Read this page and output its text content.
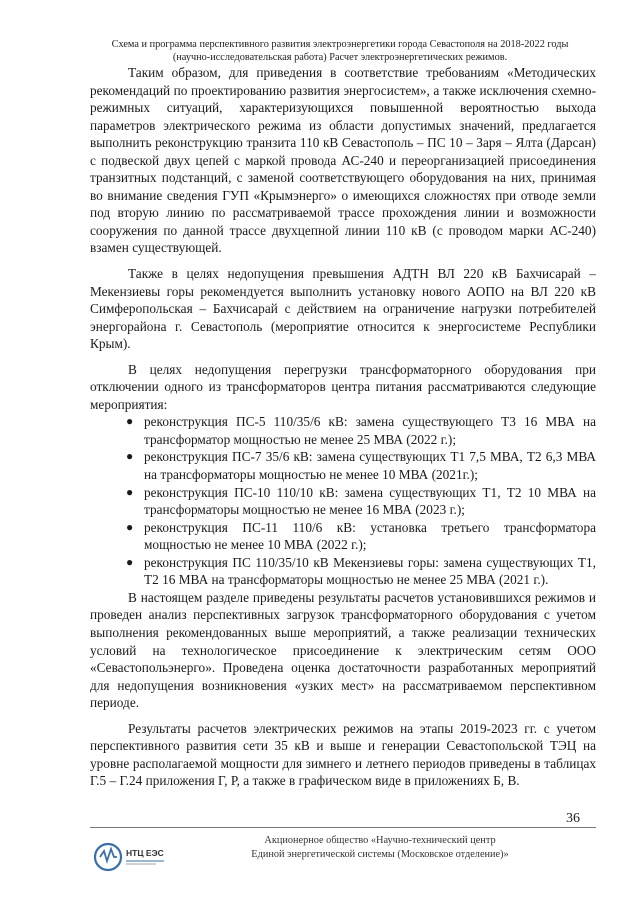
Схема и программа перспективного развития электроэнергетики города Севастополя на 2018-2022 годы
(научно-исследовательская работа) Расчет электроэнергетических режимов.

Таким образом, для приведения в соответствие требованиям «Методических рекомендаций по проектированию развития энергосистем», а также исключения схемно-режимных ситуаций, характеризующихся повышенной вероятностью выхода параметров электрического режима из области допустимых значений, предлагается выполнить реконструкцию транзита 110 кВ Севастополь – ПС 10 – Заря – Ялта (Дарсан) с подвеской двух цепей с маркой провода АС-240 и переорганизацией присоединения транзитных подстанций, с заменой соответствующего оборудования на них, принимая во внимание сведения ГУП «Крымэнерго» о имеющихся сложностях при отводе земли под вторую линию по рассматриваемой трассе прохождения линии и возможности сооружения по данной трассе двухцепной линии 110 кВ (с проводом марки АС-240) взамен существующей.

Также в целях недопущения превышения АДТН ВЛ 220 кВ Бахчисарай – Мекензиевы горы рекомендуется выполнить установку нового АОПО на ВЛ 220 кВ Симферопольская – Бахчисарай с действием на ограничение нагрузки потребителей энергорайона г. Севастополь (мероприятие относится к энергосистеме Республики Крым).

В целях недопущения перегрузки трансформаторного оборудования при отключении одного из трансформаторов центра питания рассматриваются следующие мероприятия:

● реконструкция ПС-5 110/35/6 кВ: замена существующего Т3 16 МВА на трансформатор мощностью не менее 25 МВА (2022 г.);
● реконструкция ПС-7 35/6 кВ: замена существующих Т1 7,5 МВА, Т2 6,3 МВА на трансформаторы мощностью не менее 10 МВА (2021г.);
● реконструкция ПС-10 110/10 кВ: замена существующих Т1, Т2 10 МВА на трансформаторы мощностью не менее 16 МВА (2023 г.);
● реконструкция ПС-11 110/6 кВ: установка третьего трансформатора мощностью не менее 10 МВА (2022 г.);
● реконструкция ПС 110/35/10 кВ Мекензиевы горы: замена существующих Т1, Т2 16 МВА на трансформаторы мощностью не менее 25 МВА (2021 г.).

В настоящем разделе приведены результаты расчетов установившихся режимов и проведен анализ перспективных загрузок трансформаторного оборудования с учетом выполнения рекомендованных выше мероприятий, а также реализации технических условий на технологическое присоединение к электрическим сетям ООО «Севастопольэнерго». Проведена оценка достаточности разработанных мероприятий для недопущения возникновения «узких мест» на рассматриваемом перспективном периоде.

Результаты расчетов электрических режимов на этапы 2019-2023 гг. с учетом перспективного развития сети 35 кВ и выше и генерации Севастопольской ТЭЦ на уровне располагаемой мощности для зимнего и летнего периодов приведены в таблицах Г.5 – Г.24 приложения Г, Р, а также в графическом виде в приложениях Б, В.

36
НТЦ ЕЭС
Акционерное общество «Научно-технический центр
Единой энергетической системы (Московское отделение)»
